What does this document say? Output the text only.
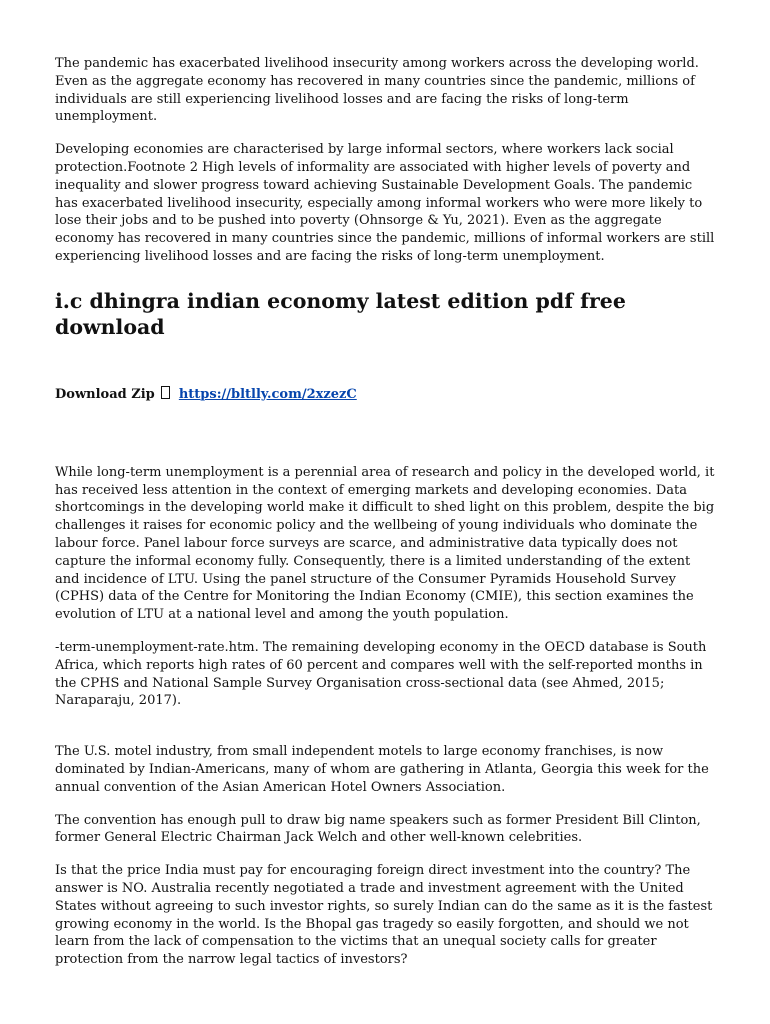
The pandemic has exacerbated livelihood insecurity among workers across the developing world. Even as the aggregate economy has recovered in many countries since the pandemic, millions of individuals are still experiencing livelihood losses and are facing the risks of long-term unemployment.

Developing economies are characterised by large informal sectors, where workers lack social protection.Footnote 2 High levels of informality are associated with higher levels of poverty and inequality and slower progress toward achieving Sustainable Development Goals. The pandemic has exacerbated livelihood insecurity, especially among informal workers who were more likely to lose their jobs and to be pushed into poverty (Ohnsorge & Yu, 2021). Even as the aggregate economy has recovered in many countries since the pandemic, millions of informal workers are still experiencing livelihood losses and are facing the risks of long-term unemployment.

i.c dhingra indian economy latest edition pdf free download
Download Zip https://bltlly.com/2xzezC

While long-term unemployment is a perennial area of research and policy in the developed world, it has received less attention in the context of emerging markets and developing economies. Data shortcomings in the developing world make it difficult to shed light on this problem, despite the big challenges it raises for economic policy and the wellbeing of young individuals who dominate the labour force. Panel labour force surveys are scarce, and administrative data typically does not capture the informal economy fully. Consequently, there is a limited understanding of the extent and incidence of LTU. Using the panel structure of the Consumer Pyramids Household Survey (CPHS) data of the Centre for Monitoring the Indian Economy (CMIE), this section examines the evolution of LTU at a national level and among the youth population.

-term-unemployment-rate.htm. The remaining developing economy in the OECD database is South Africa, which reports high rates of 60 percent and compares well with the self-reported months in the CPHS and National Sample Survey Organisation cross-sectional data (see Ahmed, 2015; Naraparaju, 2017).

The U.S. motel industry, from small independent motels to large economy franchises, is now dominated by Indian-Americans, many of whom are gathering in Atlanta, Georgia this week for the annual convention of the Asian American Hotel Owners Association.

The convention has enough pull to draw big name speakers such as former President Bill Clinton, former General Electric Chairman Jack Welch and other well-known celebrities.

Is that the price India must pay for encouraging foreign direct investment into the country? The answer is NO. Australia recently negotiated a trade and investment agreement with the United States without agreeing to such investor rights, so surely Indian can do the same as it is the fastest growing economy in the world. Is the Bhopal gas tragedy so easily forgotten, and should we not learn from the lack of compensation to the victims that an unequal society calls for greater protection from the narrow legal tactics of investors?
